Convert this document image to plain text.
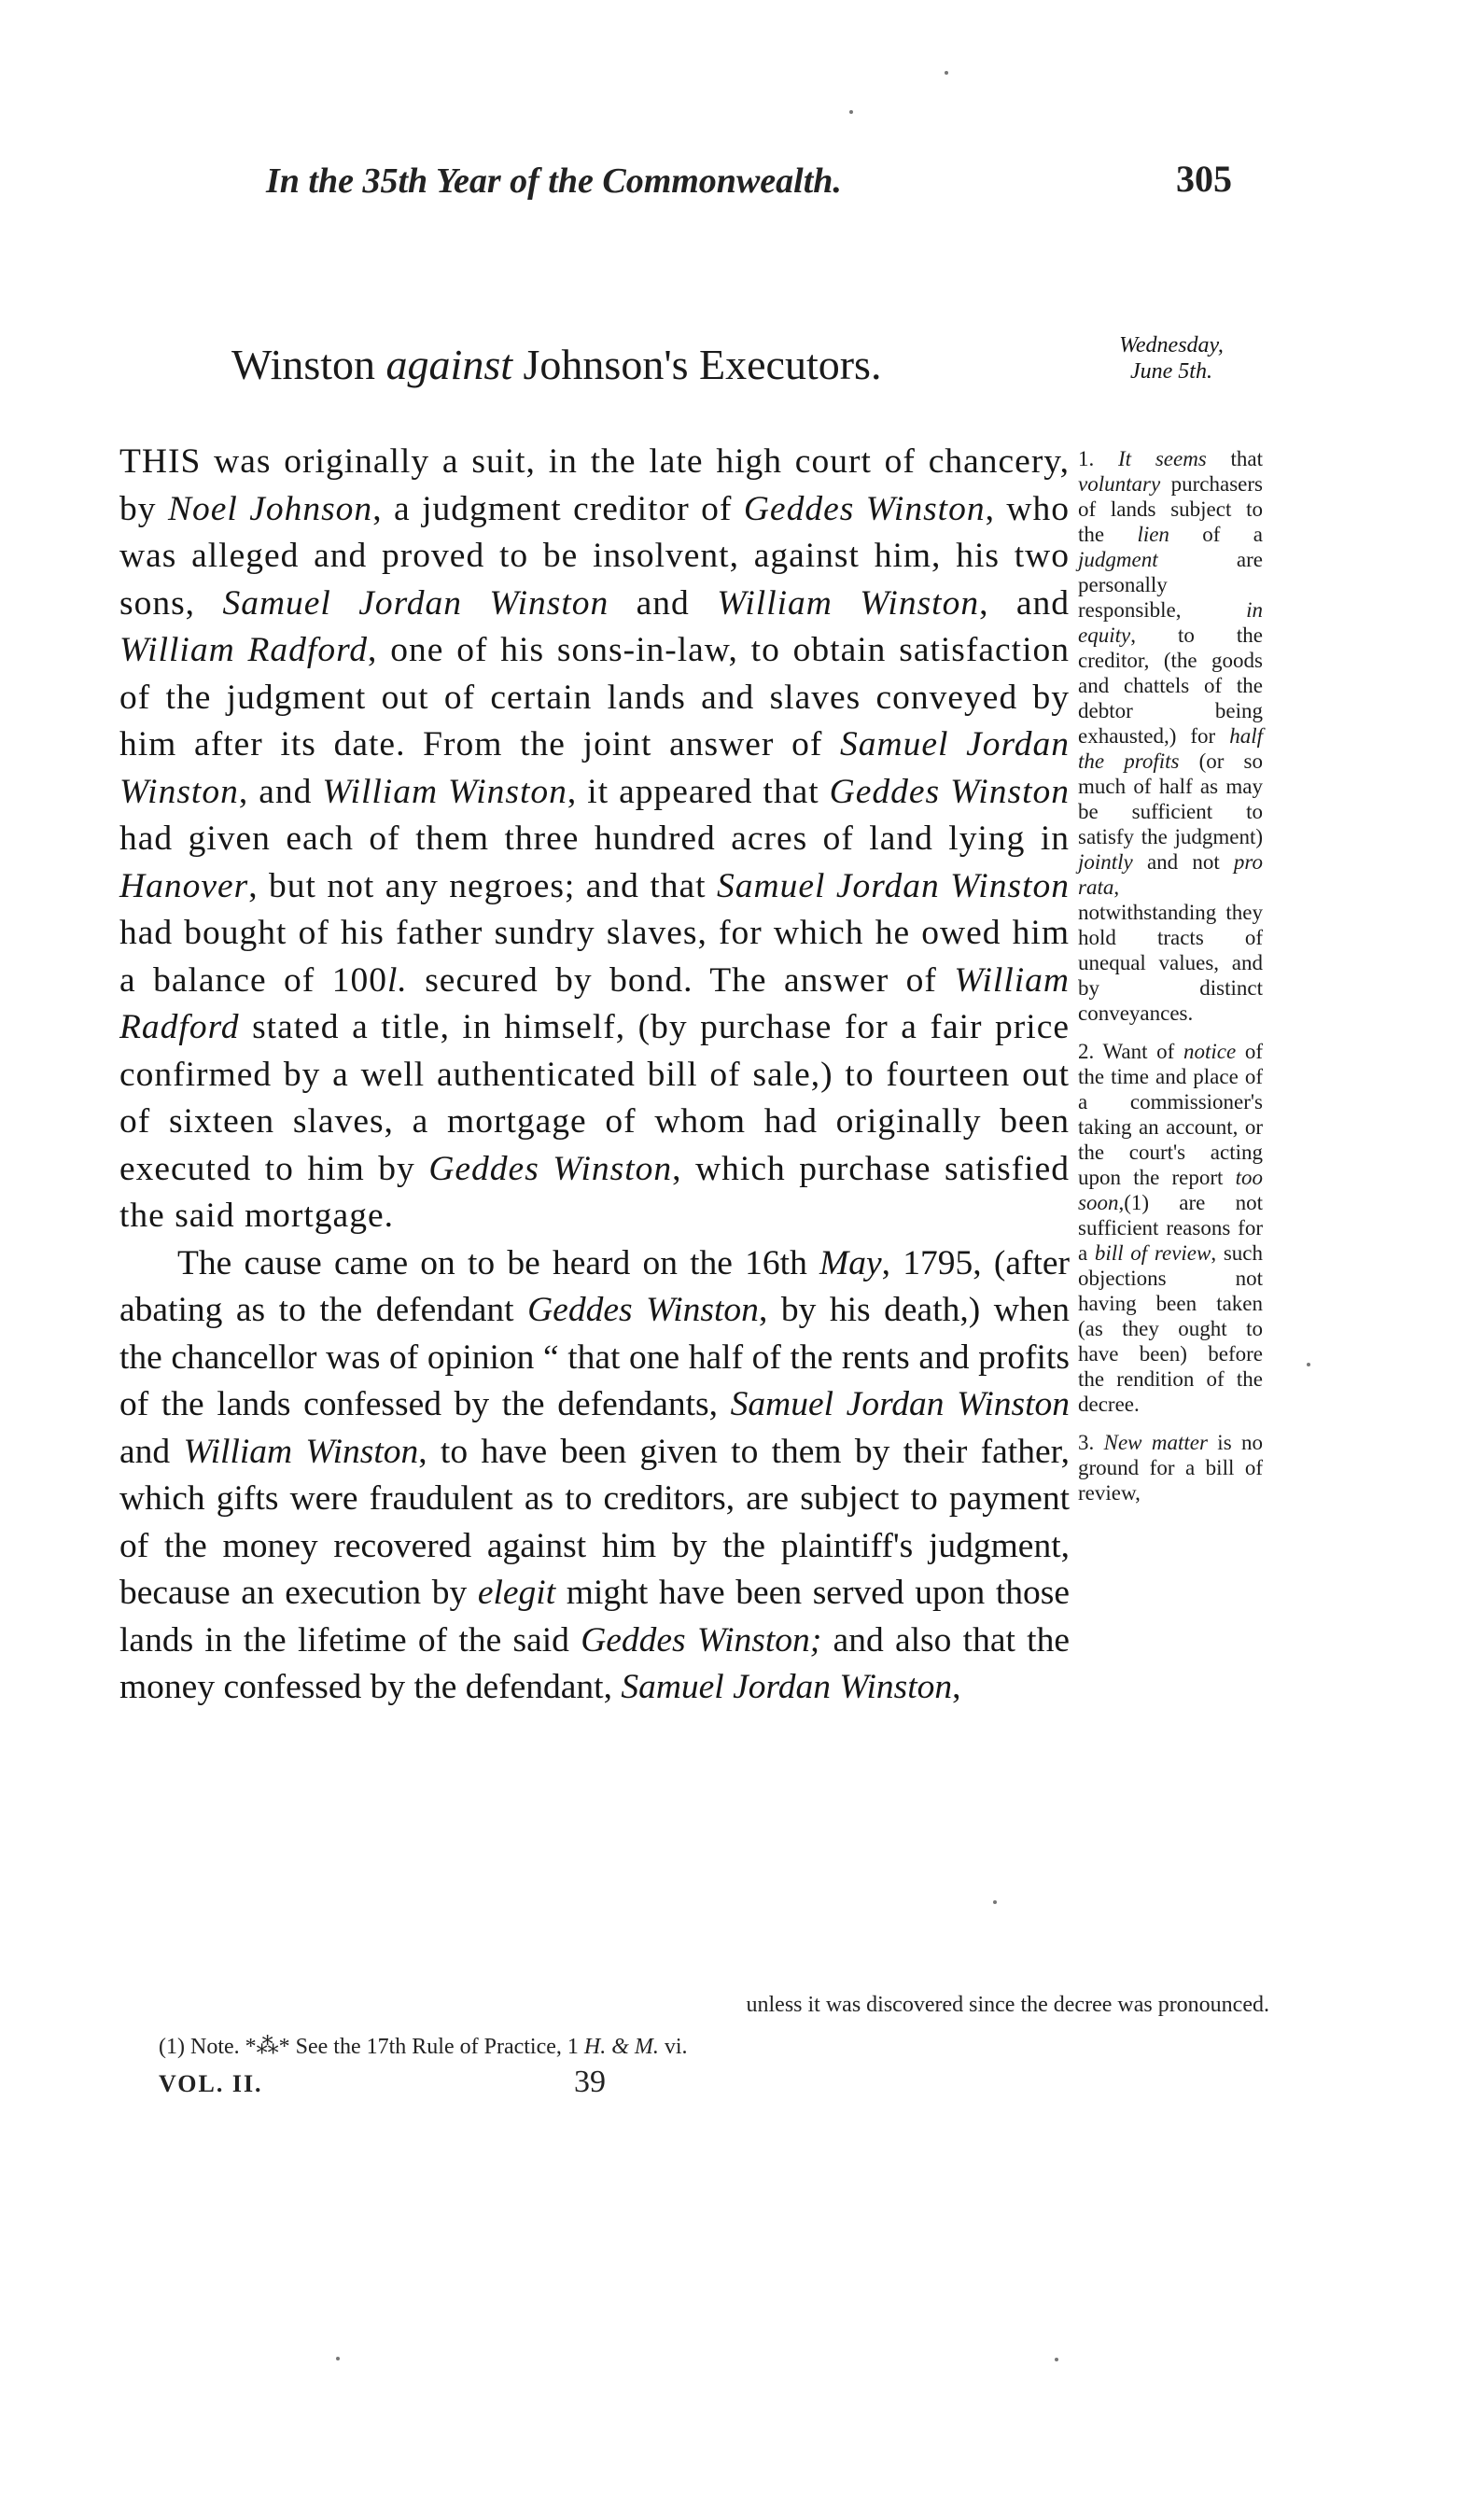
In the 35th Year of the Commonwealth.	305
Winston against Johnson's Executors.	Wednesday,
June 5th.

THIS was originally a suit, in the late high court of chancery, by Noel Johnson, a judgment creditor of Geddes Winston, who was alleged and proved to be insolvent, against him, his two sons, Samuel Jordan Winston and William Winston, and William Radford, one of his sons-in-law, to obtain satisfaction of the judgment out of certain lands and slaves conveyed by him after its date. From the joint answer of Samuel Jordan Winston, and William Winston, it appeared that Geddes Winston had given each of them three hundred acres of land lying in Hanover, but not any negroes; and that Samuel Jordan Winston had bought of his father sundry slaves, for which he owed him a balance of 100l. secured by bond. The answer of William Radford stated a title, in himself, (by purchase for a fair price confirmed by a well authenticated bill of sale,) to fourteen out of sixteen slaves, a mortgage of whom had originally been executed to him by Geddes Winston, which purchase satisfied the said mortgage.

The cause came on to be heard on the 16th May, 1795, (after abating as to the defendant Geddes Winston, by his death,) when the chancellor was of opinion “ that one half of the rents and profits of the lands confessed by the defendants, Samuel Jordan Winston and William Winston, to have been given to them by their father, which gifts were fraudulent as to creditors, are subject to payment of the money recovered against him by the plaintiff's judgment, because an execution by elegit might have been served upon those lands in the lifetime of the said Geddes Winston; and also that the money confessed by the defendant, Samuel Jordan Winston,

1. It seems that voluntary purchasers of lands subject to the lien of a judgment are personally responsible, in equity, to the creditor, (the goods and chattels of the debtor being exhausted,) for half the profits (or so much of half as may be sufficient to satisfy the judgment) jointly and not pro rata, notwithstanding they hold tracts of unequal values, and by distinct conveyances.

2. Want of notice of the time and place of a commissioner's taking an account, or the court's acting upon the report too soon,(1) are not sufficient reasons for a bill of review, such objections not having been taken (as they ought to have been) before the rendition of the decree.

3. New matter is no ground for a bill of review,

unless it was discovered since the decree was pronounced.
(1) Note. *⁂* See the 17th Rule of Practice, 1 H. & M. vi.
VOL. II.	39
